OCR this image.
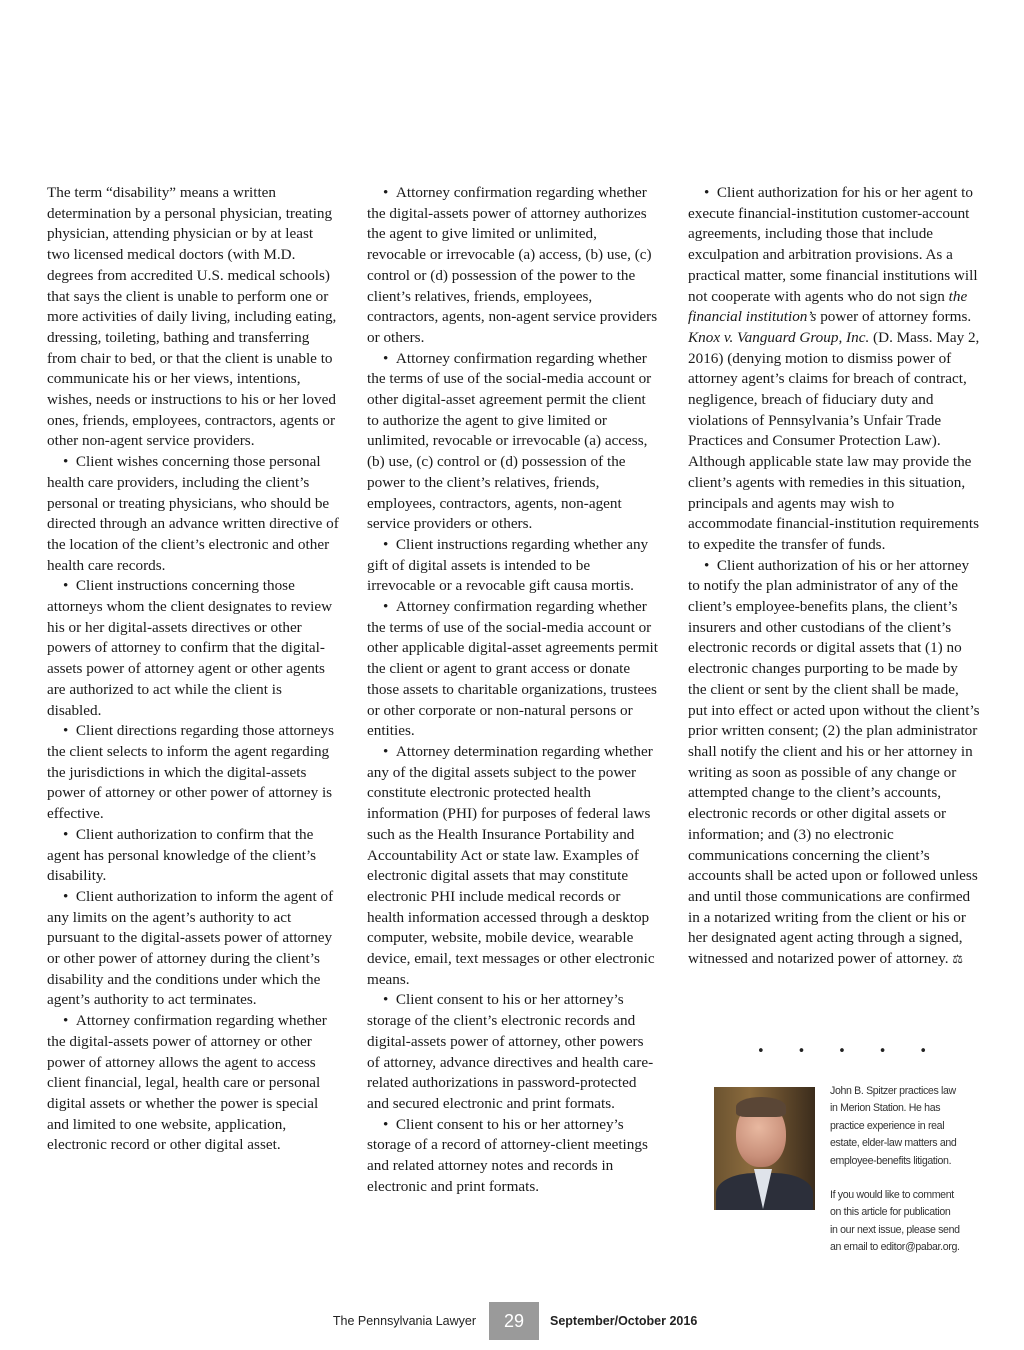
The term “disability” means a written determination by a personal physician, treating physician, attending physician or by at least two licensed medical doctors (with M.D. degrees from accredited U.S. medical schools) that says the client is unable to perform one or more activities of daily living, including eating, dressing, toileting, bathing and transferring from chair to bed, or that the client is unable to communicate his or her views, intentions, wishes, needs or instructions to his or her loved ones, friends, employees, contractors, agents or other non-agent service providers.

•  Client wishes concerning those personal health care providers, including the client’s personal or treating physicians, who should be directed through an advance written directive of the location of the client’s electronic and other health care records.

•  Client instructions concerning those attorneys whom the client designates to review his or her digital-assets directives or other powers of attorney to confirm that the digital-assets power of attorney agent or other agents are authorized to act while the client is disabled.

•  Client directions regarding those attorneys the client selects to inform the agent regarding the jurisdictions in which the digital-assets power of attorney or other power of attorney is effective.

•  Client authorization to confirm that the agent has personal knowledge of the client’s disability.

•  Client authorization to inform the agent of any limits on the agent’s authority to act pursuant to the digital-assets power of attorney or other power of attorney during the client’s disability and the conditions under which the agent’s authority to act terminates.

•  Attorney confirmation regarding whether the digital-assets power of attorney or other power of attorney allows the agent to access client financial, legal, health care or personal digital assets or whether the power is special and limited to one website, application, electronic record or other digital asset.

•  Attorney confirmation regarding whether the digital-assets power of attorney authorizes the agent to give limited or unlimited, revocable or irrevocable (a) access, (b) use, (c) control or (d) possession of the power to the client’s relatives, friends, employees, contractors, agents, non-agent service providers or others.

•  Attorney confirmation regarding whether the terms of use of the social-media account or other digital-asset agreement permit the client to authorize the agent to give limited or unlimited, revocable or irrevocable (a) access, (b) use, (c) control or (d) possession of the power to the client’s relatives, friends, employees, contractors, agents, non-agent service providers or others.

•  Client instructions regarding whether any gift of digital assets is intended to be irrevocable or a revocable gift causa mortis.

•  Attorney confirmation regarding whether the terms of use of the social-media account or other applicable digital-asset agreements permit the client or agent to grant access or donate those assets to charitable organizations, trustees or other corporate or non-natural persons or entities.

•  Attorney determination regarding whether any of the digital assets subject to the power constitute electronic protected health information (PHI) for purposes of federal laws such as the Health Insurance Portability and Accountability Act or state law. Examples of electronic digital assets that may constitute electronic PHI include medical records or health information accessed through a desktop computer, website, mobile device, wearable device, email, text messages or other electronic means.

•  Client consent to his or her attorney’s storage of the client’s electronic records and digital-assets power of attorney, other powers of attorney, advance directives and health care-related authorizations in password-protected and secured electronic and print formats.

•  Client consent to his or her attorney’s storage of a record of attorney-client meetings and related attorney notes and records in electronic and print formats.

•  Client authorization for his or her agent to execute financial-institution customer-account agreements, including those that include exculpation and arbitration provisions. As a practical matter, some financial institutions will not cooperate with agents who do not sign the financial institution’s power of attorney forms. Knox v. Vanguard Group, Inc. (D. Mass. May 2, 2016) (denying motion to dismiss power of attorney agent’s claims for breach of contract, negligence, breach of fiduciary duty and violations of Pennsylvania’s Unfair Trade Practices and Consumer Protection Law). Although applicable state law may provide the client’s agents with remedies in this situation, principals and agents may wish to accommodate financial-institution requirements to expedite the transfer of funds.

•  Client authorization of his or her attorney to notify the plan administrator of any of the client’s employee-benefits plans, the client’s insurers and other custodians of the client’s electronic records or digital assets that (1) no electronic changes purporting to be made by the client or sent by the client shall be made, put into effect or acted upon without the client’s prior written consent; (2) the plan administrator shall notify the client and his or her attorney in writing as soon as possible of any change or attempted change to the client’s accounts, electronic records or other digital assets or information; and (3) no electronic communications concerning the client’s accounts shall be acted upon or followed unless and until those communications are confirmed in a notarized writing from the client or his or her designated agent acting through a signed, witnessed and notarized power of attorney. ⚖

•	•	•	•	•

John B. Spitzer practices law in Merion Station. He has practice experience in real estate, elder-law matters and employee-benefits litigation.

If you would like to comment on this article for publication in our next issue, please send an email to editor@pabar.org.

The Pennsylvania Lawyer	29	September/October 2016
